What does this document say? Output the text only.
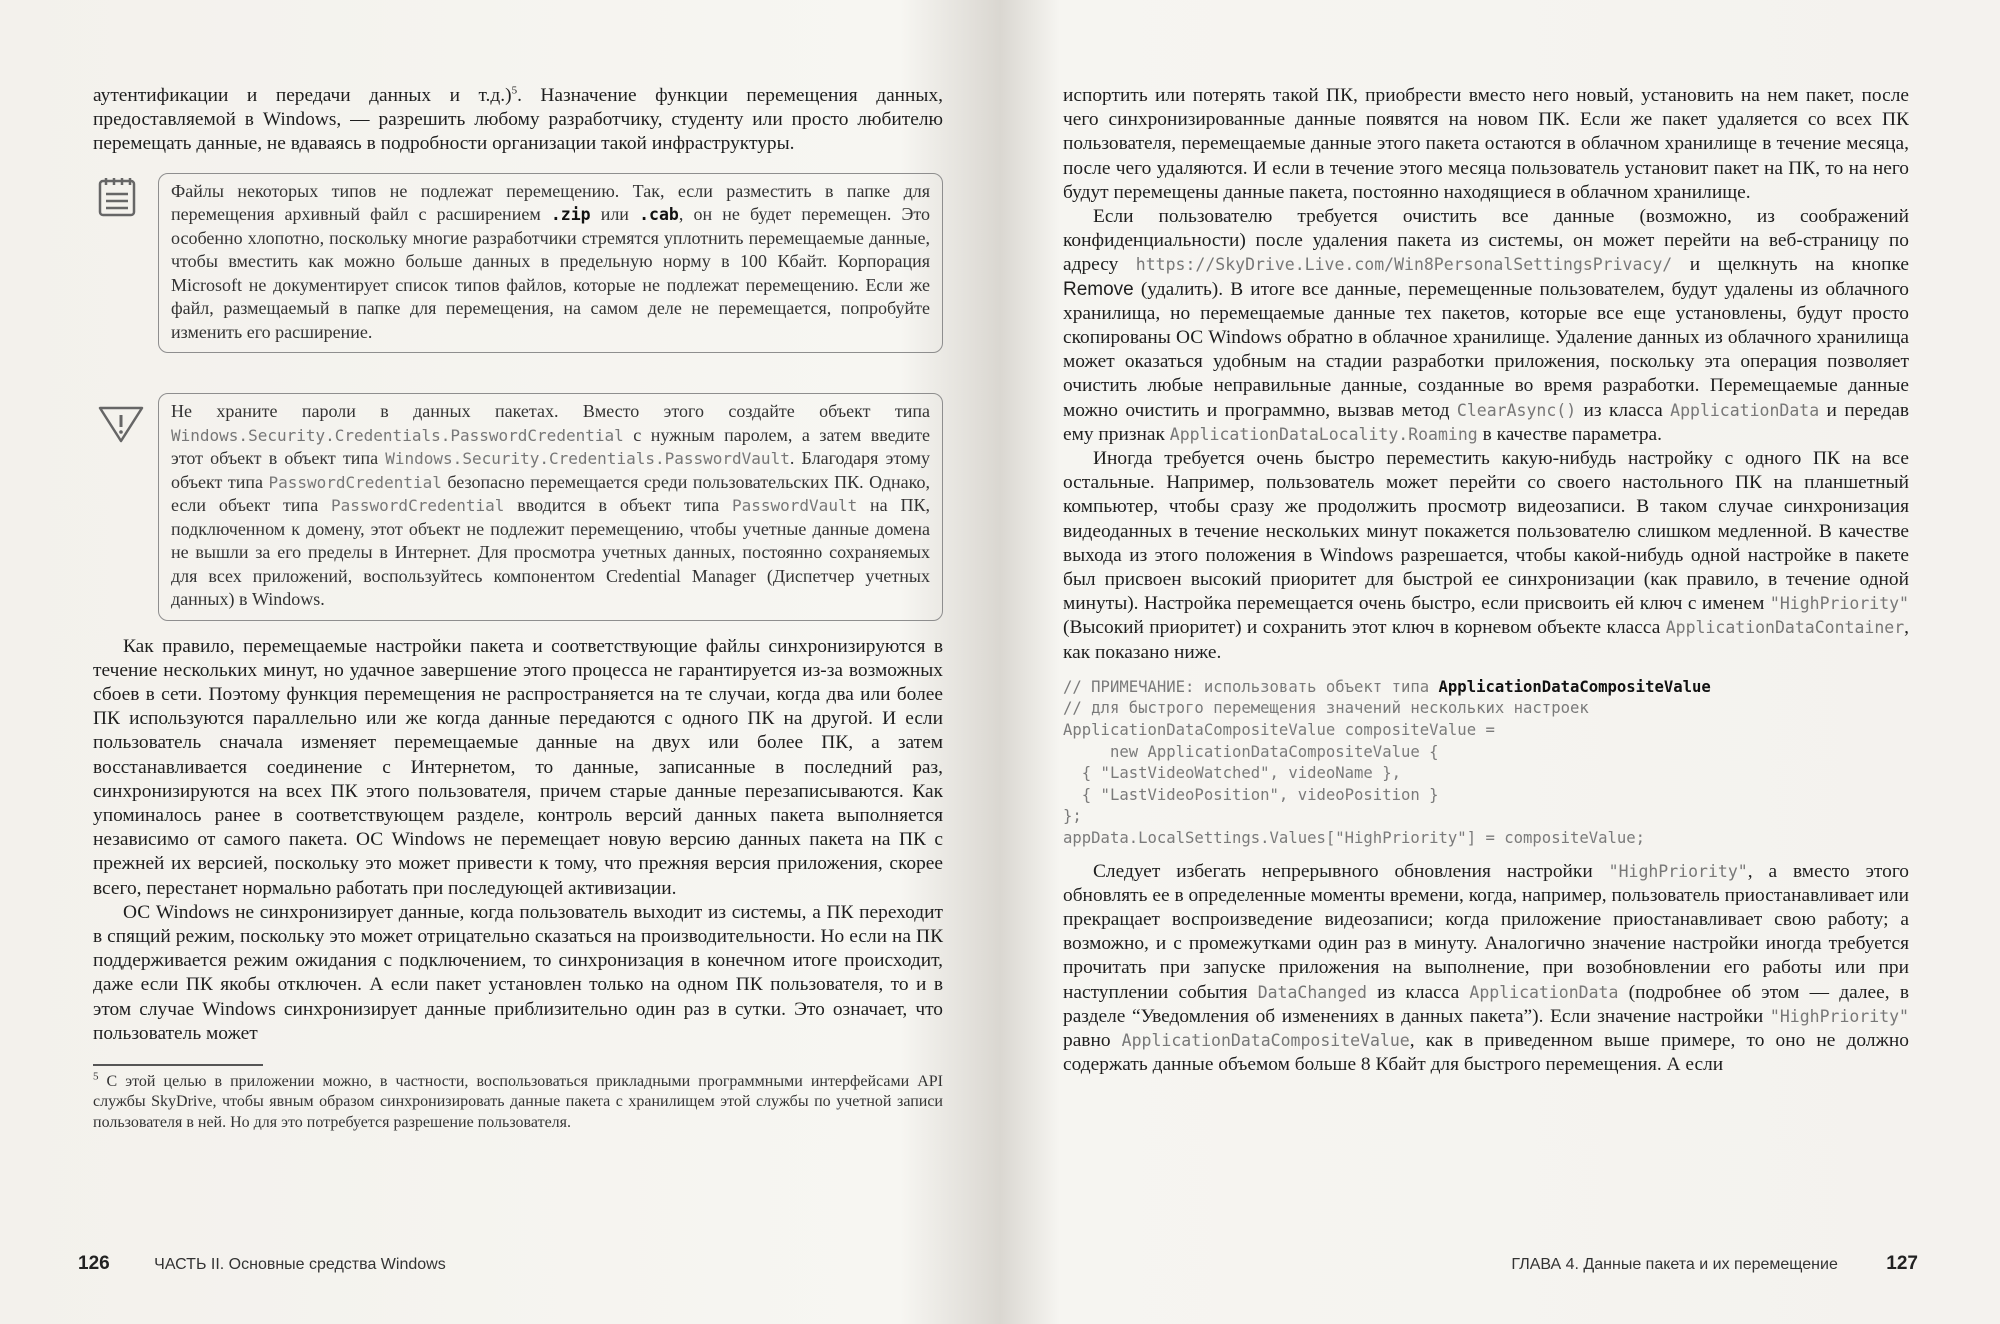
аутентификации и передачи данных и т.д.)$^5$. Назначение функции перемещения данных, предоставляемой в Windows, — разрешить любому разработчику, студенту или просто любителю перемещать данные, не вдаваясь в подробности организации такой инфраструктуры.

Файлы некоторых типов не подлежат перемещению. Так, если разместить в папке для перемещения архивный файл с расширением .zip или .cab, он не будет перемещен. Это особенно хлопотно, поскольку многие разработчики стремятся уплотнить перемещаемые данные, чтобы вместить как можно больше данных в предельную норму в 100 Кбайт. Корпорация Microsoft не документирует список типов файлов, которые не подлежат перемещению. Если же файл, размещаемый в папке для перемещения, на самом деле не перемещается, попробуйте изменить его расширение.

Не храните пароли в данных пакетах. Вместо этого создайте объект типа Windows.Security.Credentials.PasswordCredential с нужным паролем, а затем введите этот объект в объект типа Windows.Security.Credentials.PasswordVault. Благодаря этому объект типа PasswordCredential безопасно перемещается среди пользовательских ПК. Однако, если объект типа PasswordCredential вводится в объект типа PasswordVault на ПК, подключенном к домену, этот объект не подлежит перемещению, чтобы учетные данные домена не вышли за его пределы в Интернет. Для просмотра учетных данных, постоянно сохраняемых для всех приложений, воспользуйтесь компонентом Credential Manager (Диспетчер учетных данных) в Windows.

Как правило, перемещаемые настройки пакета и соответствующие файлы синхронизируются в течение нескольких минут, но удачное завершение этого процесса не гарантируется из-за возможных сбоев в сети. Поэтому функция перемещения не распространяется на те случаи, когда два или более ПК используются параллельно или же когда данные передаются с одного ПК на другой. И если пользователь сначала изменяет перемещаемые данные на двух или более ПК, а затем восстанавливается соединение с Интернетом, то данные, записанные в последний раз, синхронизируются на всех ПК этого пользователя, причем старые данные перезаписываются. Как упоминалось ранее в соответствующем разделе, контроль версий данных пакета выполняется независимо от самого пакета. ОС Windows не перемещает новую версию данных пакета на ПК с прежней их версией, поскольку это может привести к тому, что прежняя версия приложения, скорее всего, перестанет нормально работать при последующей активизации.

ОС Windows не синхронизирует данные, когда пользователь выходит из системы, а ПК переходит в спящий режим, поскольку это может отрицательно сказаться на производительности. Но если на ПК поддерживается режим ожидания с подключением, то синхронизация в конечном итоге происходит, даже если ПК якобы отключен. А если пакет установлен только на одном ПК пользователя, то и в этом случае Windows синхронизирует данные приблизительно один раз в сутки. Это означает, что пользователь может

$^5$ С этой целью в приложении можно, в частности, воспользоваться прикладными программными интерфейсами API службы SkyDrive, чтобы явным образом синхронизировать данные пакета с хранилищем этой службы по учетной записи пользователя в ней. Но для это потребуется разрешение пользователя.

126	ЧАСТЬ II. Основные средства Windows

испортить или потерять такой ПК, приобрести вместо него новый, установить на нем пакет, после чего синхронизированные данные появятся на новом ПК. Если же пакет удаляется со всех ПК пользователя, перемещаемые данные этого пакета остаются в облачном хранилище в течение месяца, после чего удаляются. И если в течение этого месяца пользователь установит пакет на ПК, то на него будут перемещены данные пакета, постоянно находящиеся в облачном хранилище.

Если пользователю требуется очистить все данные (возможно, из соображений конфиденциальности) после удаления пакета из системы, он может перейти на веб-страницу по адресу https://SkyDrive.Live.com/Win8PersonalSettingsPrivacy/ и щелкнуть на кнопке Remove (удалить). В итоге все данные, перемещенные пользователем, будут удалены из облачного хранилища, но перемещаемые данные тех пакетов, которые все еще установлены, будут просто скопированы ОС Windows обратно в облачное хранилище. Удаление данных из облачного хранилища может оказаться удобным на стадии разработки приложения, поскольку эта операция позволяет очистить любые неправильные данные, созданные во время разработки. Перемещаемые данные можно очистить и программно, вызвав метод ClearAsync() из класса ApplicationData и передав ему признак ApplicationDataLocality.Roaming в качестве параметра.

Иногда требуется очень быстро переместить какую-нибудь настройку с одного ПК на все остальные. Например, пользователь может перейти со своего настольного ПК на планшетный компьютер, чтобы сразу же продолжить просмотр видеозаписи. В таком случае синхронизация видеоданных в течение нескольких минут покажется пользователю слишком медленной. В качестве выхода из этого положения в Windows разрешается, чтобы какой-нибудь одной настройке в пакете был присвоен высокий приоритет для быстрой ее синхронизации (как правило, в течение одной минуты). Настройка перемещается очень быстро, если присвоить ей ключ с именем "HighPriority" (Высокий приоритет) и сохранить этот ключ в корневом объекте класса ApplicationDataContainer, как показано ниже.

// ПРИМЕЧАНИЕ: использовать объект типа ApplicationDataCompositeValue
// для быстрого перемещения значений нескольких настроек
ApplicationDataCompositeValue compositeValue =
new ApplicationDataCompositeValue {
{ "LastVideoWatched", videoName },
{ "LastVideoPosition", videoPosition }
};
appData.LocalSettings.Values["HighPriority"] = compositeValue;

Следует избегать непрерывного обновления настройки "HighPriority", а вместо этого обновлять ее в определенные моменты времени, когда, например, пользователь приостанавливает или прекращает воспроизведение видеозаписи; когда приложение приостанавливает свою работу; а возможно, и с промежутками один раз в минуту. Аналогично значение настройки иногда требуется прочитать при запуске приложения на выполнение, при возобновлении его работы или при наступлении события DataChanged из класса ApplicationData (подробнее об этом — далее, в разделе “Уведомления об изменениях в данных пакета”). Если значение настройки "HighPriority" равно ApplicationDataCompositeValue, как в приведенном выше примере, то оно не должно содержать данные объемом больше 8 Кбайт для быстрого перемещения. А если

ГЛАВА 4. Данные пакета и их перемещение	127
